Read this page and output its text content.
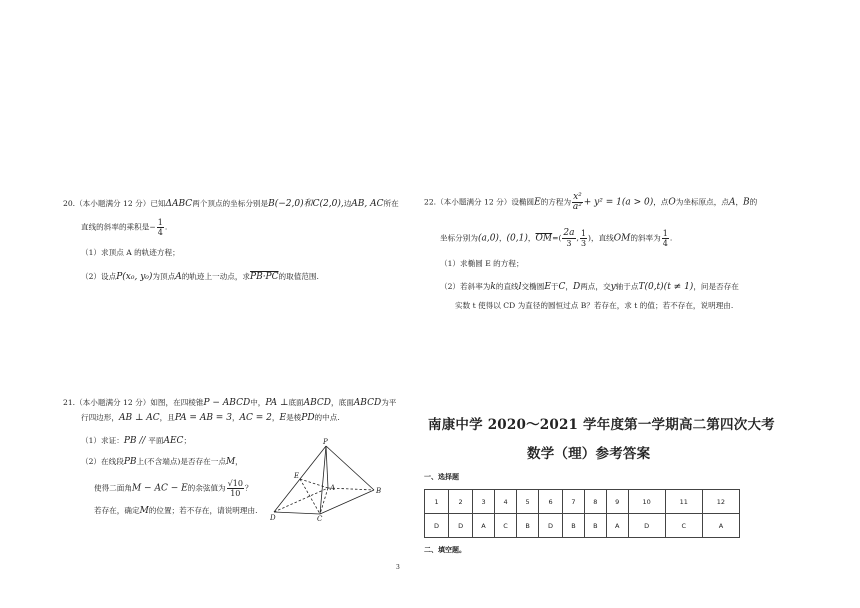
20.（本小题满分 12 分）已知ΔABC两个顶点的坐标分别是B(−2,0)和C(2,0),边AB, AC所在
直线的斜率的乘积是− $\frac{1}{4}$ .
（1）求顶点 A 的轨迹方程；
（2）设点P(x₀, y₀)为顶点A的轨迹上一动点，求PB·PC的取值范围.
22.（本小题满分 12 分）设椭圆E的方程为 $\frac{\text{x²}}{\text{a²}} + y^2 = 1(a > 0)$，点O为坐标原点，点A，B的
坐标分别为(a,0)，(0,1)，$\overline{OM}=( \frac{2a}{3}$ , $\frac{1}{3}$ )，直线OM的斜率为 $\frac{1}{4}$ .
（1）求椭圆 E 的方程；
（2）若斜率为k的直线l交椭圆E于C，D两点，交y轴于点T(0,t)(t ≠ 1)，问是否存在
实数 t 使得以 CD 为直径的圆恒过点 B？若存在，求 t 的值；若不存在，说明理由.
21.（本小题满分 12 分）如图，在四棱锥P − ABCD中，PA ⊥底面ABCD，底面ABCD为平
行四边形，AB ⊥ AC，且PA = AB = 3，AC = 2，E是棱PD的中点.
（1）求证：PB // 平面AEC；
（2）在线段PB上(不含端点)是否存在一点M，
使得二面角M − AC − E的余弦值为 $\frac{√10}{10}$ ？
若存在，确定M的位置；若不存在，请说明理由.
P
E
A	B
C
D
南康中学 2020～2021 学年度第一学期高二第四次大考
数学（理）参考答案
一、选择题
1	2	3	4	5	6	7	8	9	10	11	12
D	D	A	C	B	D	B	B	A	D	C	A
二、填空题。
3
